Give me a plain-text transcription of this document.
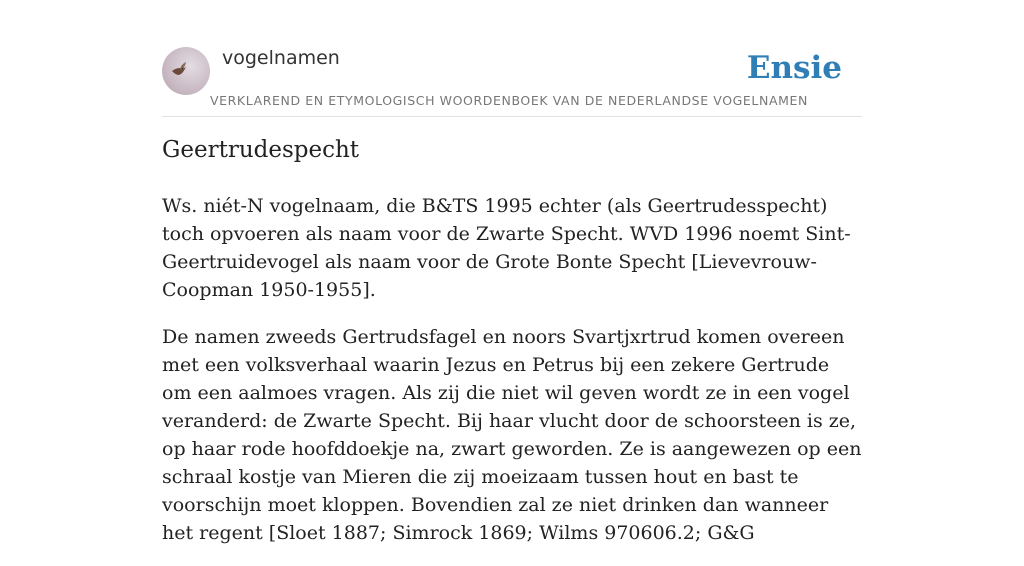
vogelnamen
VERKLAREND EN ETYMOLOGISCH WOORDENBOEK VAN DE NEDERLANDSE VOGELNAMEN
Ensie
Geertrudespecht

Ws. niét-N vogelnaam, die B&TS 1995 echter (als Geertrudesspecht) toch opvoeren als naam voor de Zwarte Specht. WVD 1996 noemt Sint-Geertruidevogel als naam voor de Grote Bonte Specht [Lievevrouw-Coopman 1950-1955].

De namen zweeds Gertrudsfagel en noors Svartjxrtrud komen overeen met een volksverhaal waarin Jezus en Petrus bij een zekere Gertrude om een aalmoes vragen. Als zij die niet wil geven wordt ze in een vogel veranderd: de Zwarte Specht. Bij haar vlucht door de schoorsteen is ze, op haar rode hoofddoekje na, zwart geworden. Ze is aangewezen op een schraal kostje van Mieren die zij moeizaam tussen hout en bast te voorschijn moet kloppen. Bovendien zal ze niet drinken dan wanneer het regent [Sloet 1887; Simrock 1869; Wilms 970606.2; G&G
